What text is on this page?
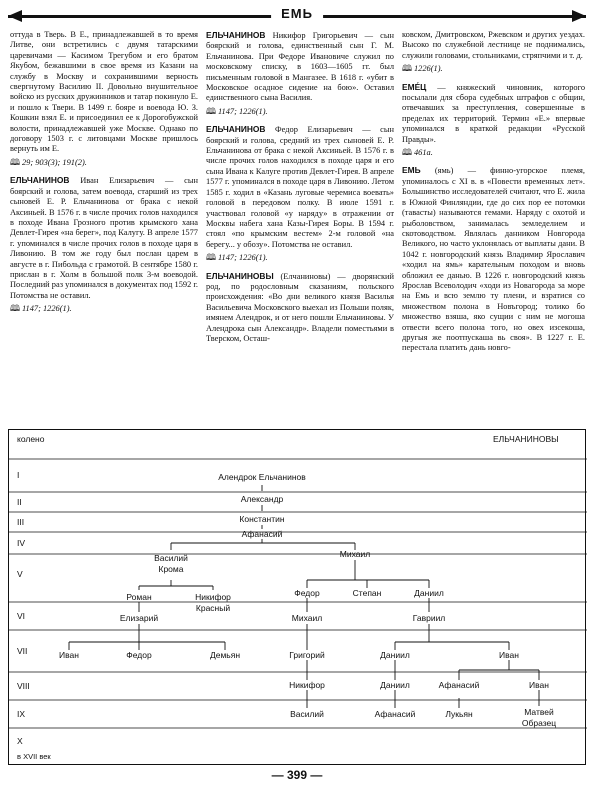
ЕМЬ

оттуда в Тверь. В Е., принадлежавшей в то время Литве, они встретились с двумя татарскими царевичами — Касимом Трегубом и его братом Якубом, бежавшими в свое время из Казани на службу в Москву и сохранившими верность свергнутому Василию II. Довольно внушительное войско из русских дружинников и татар покинуло Е. и пошло к Твери. В 1499 г. бояре и воевода Ю. З. Кошкин взял Е. и присоединил ее к Дорогобужской волости, принадлежавшей уже Москве. Однако по договору 1503 г. с литовцами Москве пришлось вернуть им Е.

🕮 29; 903(3); 191(2).

ЕЛЬЧАНИНОВ Иван Елизарьевич — сын боярский и голова, затем воевода, старший из трех сыновей Е. Р. Ельчанинова от брака с некой Аксиньей. В 1576 г. в числе прочих голов находился в походе Ивана Грозного против крымского хана Девлет-Гирея «на берег», под Калугу. В апреле 1577 г. упоминался в числе прочих голов в походе царя в Ливонию. В том же году был послан царем в августе в г. Пибольда с грамотой. В сентябре 1580 г. прислан в г. Холм в большой полк 3-м воеводой. Последний раз упоминался в документах под 1592 г. Потомства не оставил.

🕮 1147; 1226(1).

ЕЛЬЧАНИНОВ Никифор Григорьевич — сын боярский и голова, единственный сын Г. М. Ельчанинова. При Федоре Ивановиче служил по московскому списку, в 1603—1605 гг. был письменным головой в Мангазее. В 1618 г. «убит в Московское осадное сидение на бою». Оставил единственного сына Василия.

🕮 1147; 1226(1).

ЕЛЬЧАНИНОВ Федор Елизарьевич — сын боярский и голова, средний из трех сыновей Е. Р. Ельчанинова от брака с некой Аксиньей. В 1576 г. в числе прочих голов находился в походе царя и его сына Ивана к Калуге против Девлет-Гирея. В апреле 1577 г. упоминался в походе царя в Ливонию. Летом 1585 г. ходил в «Казань луговые черемиса воевать» головой в передовом полку. В июле 1591 г. участвовал головой «у наряду» в отражении от Москвы набега хана Казы-Гирея Боры. В 1594 г. стоял «по крымским вестем» 2-м головой «на берегу... у обозу». Потомства не оставил.

🕮 1147; 1226(1).

ЕЛЬЧАНИНОВЫ (Елчаниновы) — дворянский род, по родословным сказаниям, польского происхождения: «Во дни великого князя Василья Васильевича Московского выехал из Польши поляк, имянем Алендрок, и от него пошли Ельчаниновы. У Алендрока сын Александр». Владели поместьями в Тверском, Осташ-

ковском, Дмитровском, Ржевском и других уездах. Высоко по служебной лестнице не поднимались, служили головами, стольниками, стряпчими и т. д.

🕮 1226(1).

ЕМЕ́Ц — княжеский чиновник, которого посылали для сбора судебных штрафов с общин, отвечавших за преступления, совершенные в пределах их территорий. Термин «Е.» впервые упоминался в краткой редакции «Русской Правды».

🕮 461а.

ЕМЬ (ямь) — финно-угорское племя, упоминалось с XI в. в «Повести временных лет». Большинство исследователей считают, что Е. жила в Южной Финляндии, где до сих пор ее потомки (таваcты) называются гемами. Наряду с охотой и рыболовством, занималась земледелием и скотоводством. Являлась данником Новгорода Великого, но часто уклонялась от выплаты дани. В 1042 г. новгородский князь Владимир Ярославич «ходил на ямь» карательным походом и вновь обложил ее данью. В 1226 г. новгородский князь Ярослав Всеволодич «ходи из Новагорода за море на Емь и всю землю ту плени, и взратися со множеством полона в Новъгород; толико бо множество взяша, яко сущии с ним не могоша отвести всего полона того, но овех изсекоша, другыя же поотпускаша вь своя». В 1227 г. Е. перестала платить дань новго-

колено	ЕЛЬЧАНИНОВЫ
в XVII век
I
II
III
IV
V
VI
VII
VIII
IX
X
Алендрок Ельчанинов
Александр
Константин
Афанасий
Василий
Крома
Михаил
Роман	Никифор
Красный
Федор	Степан	Даниил
Елизарий	Михаил	Гавриил
Иван	Федор	Демьян	Григорий	Даниил	Иван
Никифор	Даниил	Афанасий	Иван
Василий	Афанасий	Лукьян	Матвей
Образец
— 399 —
